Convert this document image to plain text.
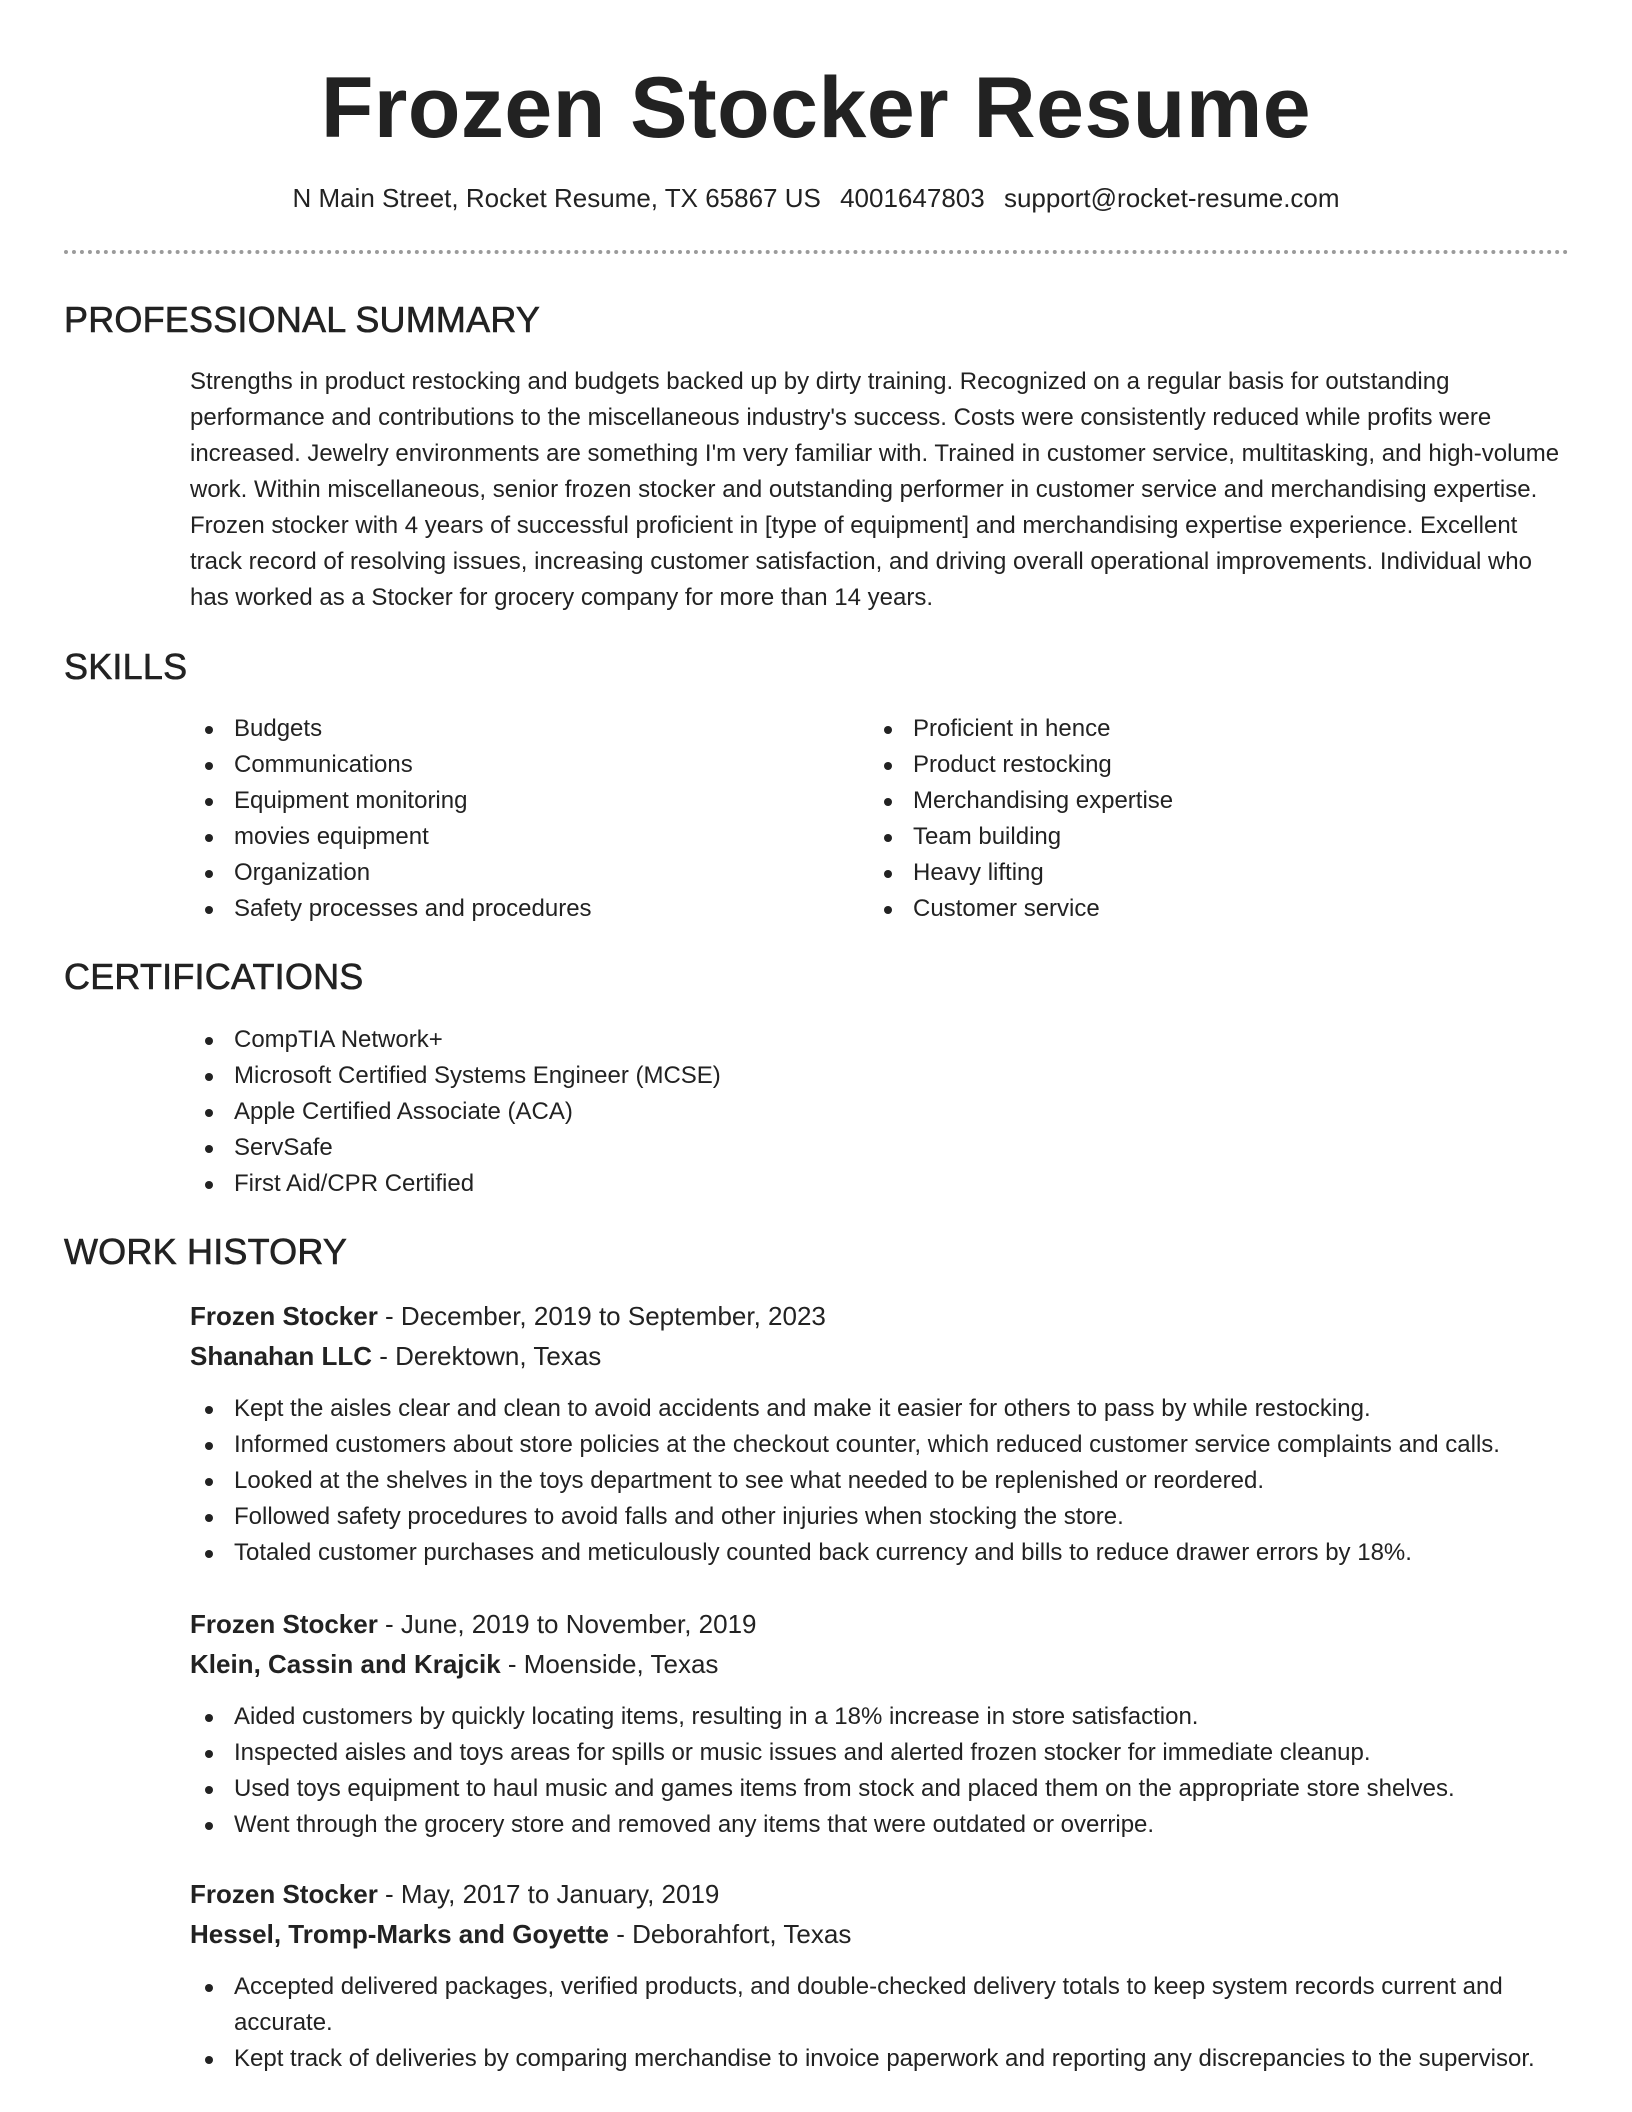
Frozen Stocker Resume
N Main Street, Rocket Resume, TX 65867 US 4001647803 support@rocket-resume.com
PROFESSIONAL SUMMARY
Strengths in product restocking and budgets backed up by dirty training. Recognized on a regular basis for outstanding performance and contributions to the miscellaneous industry's success. Costs were consistently reduced while profits were increased. Jewelry environments are something I'm very familiar with. Trained in customer service, multitasking, and high-volume work. Within miscellaneous, senior frozen stocker and outstanding performer in customer service and merchandising expertise. Frozen stocker with 4 years of successful proficient in [type of equipment] and merchandising expertise experience. Excellent track record of resolving issues, increasing customer satisfaction, and driving overall operational improvements. Individual who has worked as a Stocker for grocery company for more than 14 years.
SKILLS
Budgets
Communications
Equipment monitoring
movies equipment
Organization
Safety processes and procedures
Proficient in hence
Product restocking
Merchandising expertise
Team building
Heavy lifting
Customer service
CERTIFICATIONS
CompTIA Network+
Microsoft Certified Systems Engineer (MCSE)
Apple Certified Associate (ACA)
ServSafe
First Aid/CPR Certified
WORK HISTORY
Frozen Stocker - December, 2019 to September, 2023
Shanahan LLC - Derektown, Texas
Kept the aisles clear and clean to avoid accidents and make it easier for others to pass by while restocking.
Informed customers about store policies at the checkout counter, which reduced customer service complaints and calls.
Looked at the shelves in the toys department to see what needed to be replenished or reordered.
Followed safety procedures to avoid falls and other injuries when stocking the store.
Totaled customer purchases and meticulously counted back currency and bills to reduce drawer errors by 18%.
Frozen Stocker - June, 2019 to November, 2019
Klein, Cassin and Krajcik - Moenside, Texas
Aided customers by quickly locating items, resulting in a 18% increase in store satisfaction.
Inspected aisles and toys areas for spills or music issues and alerted frozen stocker for immediate cleanup.
Used toys equipment to haul music and games items from stock and placed them on the appropriate store shelves.
Went through the grocery store and removed any items that were outdated or overripe.
Frozen Stocker - May, 2017 to January, 2019
Hessel, Tromp-Marks and Goyette - Deborahfort, Texas
Accepted delivered packages, verified products, and double-checked delivery totals to keep system records current and accurate.
Kept track of deliveries by comparing merchandise to invoice paperwork and reporting any discrepancies to the supervisor.
